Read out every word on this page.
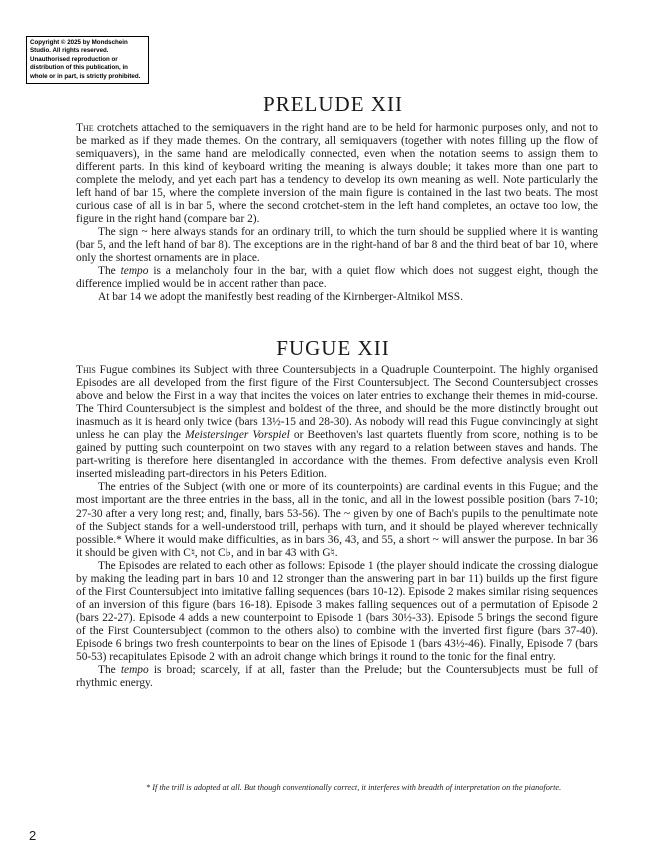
Copyright © 2025 by Mondschein Studio. All rights reserved. Unauthorised reproduction or distribution of this publication, in whole or in part, is strictly prohibited.
PRELUDE XII

The crotchets attached to the semiquavers in the right hand are to be held for harmonic purposes only, and not to be marked as if they made themes. On the contrary, all semiquavers (together with notes filling up the flow of semiquavers), in the same hand are melodically connected, even when the notation seems to assign them to different parts. In this kind of keyboard writing the meaning is always double; it takes more than one part to complete the melody, and yet each part has a tendency to develop its own meaning as well. Note particularly the left hand of bar 15, where the complete inversion of the main figure is contained in the last two beats. The most curious case of all is in bar 5, where the second crotchet-stem in the left hand completes, an octave too low, the figure in the right hand (compare bar 2).

The sign ~ here always stands for an ordinary trill, to which the turn should be supplied where it is wanting (bar 5, and the left hand of bar 8). The exceptions are in the right-hand of bar 8 and the third beat of bar 10, where only the shortest ornaments are in place.

The tempo is a melancholy four in the bar, with a quiet flow which does not suggest eight, though the difference implied would be in accent rather than pace.

At bar 14 we adopt the manifestly best reading of the Kirnberger-Altnikol MSS.

FUGUE XII

This Fugue combines its Subject with three Countersubjects in a Quadruple Counterpoint. The highly organised Episodes are all developed from the first figure of the First Countersubject. The Second Countersubject crosses above and below the First in a way that incites the voices on later entries to exchange their themes in mid-course. The Third Countersubject is the simplest and boldest of the three, and should be the more distinctly brought out inasmuch as it is heard only twice (bars 13½-15 and 28-30). As nobody will read this Fugue convincingly at sight unless he can play the Meistersinger Vorspiel or Beethoven's last quartets fluently from score, nothing is to be gained by putting such counterpoint on two staves with any regard to a relation between staves and hands. The part-writing is therefore here disentangled in accordance with the themes. From defective analysis even Kroll inserted misleading part-directors in his Peters Edition.

The entries of the Subject (with one or more of its counterpoints) are cardinal events in this Fugue; and the most important are the three entries in the bass, all in the tonic, and all in the lowest possible position (bars 7-10; 27-30 after a very long rest; and, finally, bars 53-56). The ~ given by one of Bach's pupils to the penultimate note of the Subject stands for a well-understood trill, perhaps with turn, and it should be played wherever technically possible.* Where it would make difficulties, as in bars 36, 43, and 55, a short ~ will answer the purpose. In bar 36 it should be given with C♮, not C♭, and in bar 43 with G♮.

The Episodes are related to each other as follows: Episode 1 (the player should indicate the crossing dialogue by making the leading part in bars 10 and 12 stronger than the answering part in bar 11) builds up the first figure of the First Countersubject into imitative falling sequences (bars 10-12). Episode 2 makes similar rising sequences of an inversion of this figure (bars 16-18). Episode 3 makes falling sequences out of a permutation of Episode 2 (bars 22-27). Episode 4 adds a new counterpoint to Episode 1 (bars 30½-33). Episode 5 brings the second figure of the First Countersubject (common to the others also) to combine with the inverted first figure (bars 37-40). Episode 6 brings two fresh counterpoints to bear on the lines of Episode 1 (bars 43½-46). Finally, Episode 7 (bars 50-53) recapitulates Episode 2 with an adroit change which brings it round to the tonic for the final entry.

The tempo is broad; scarcely, if at all, faster than the Prelude; but the Countersubjects must be full of rhythmic energy.

* If the trill is adopted at all. But though conventionally correct, it interferes with breadth of interpretation on the pianoforte.
2
